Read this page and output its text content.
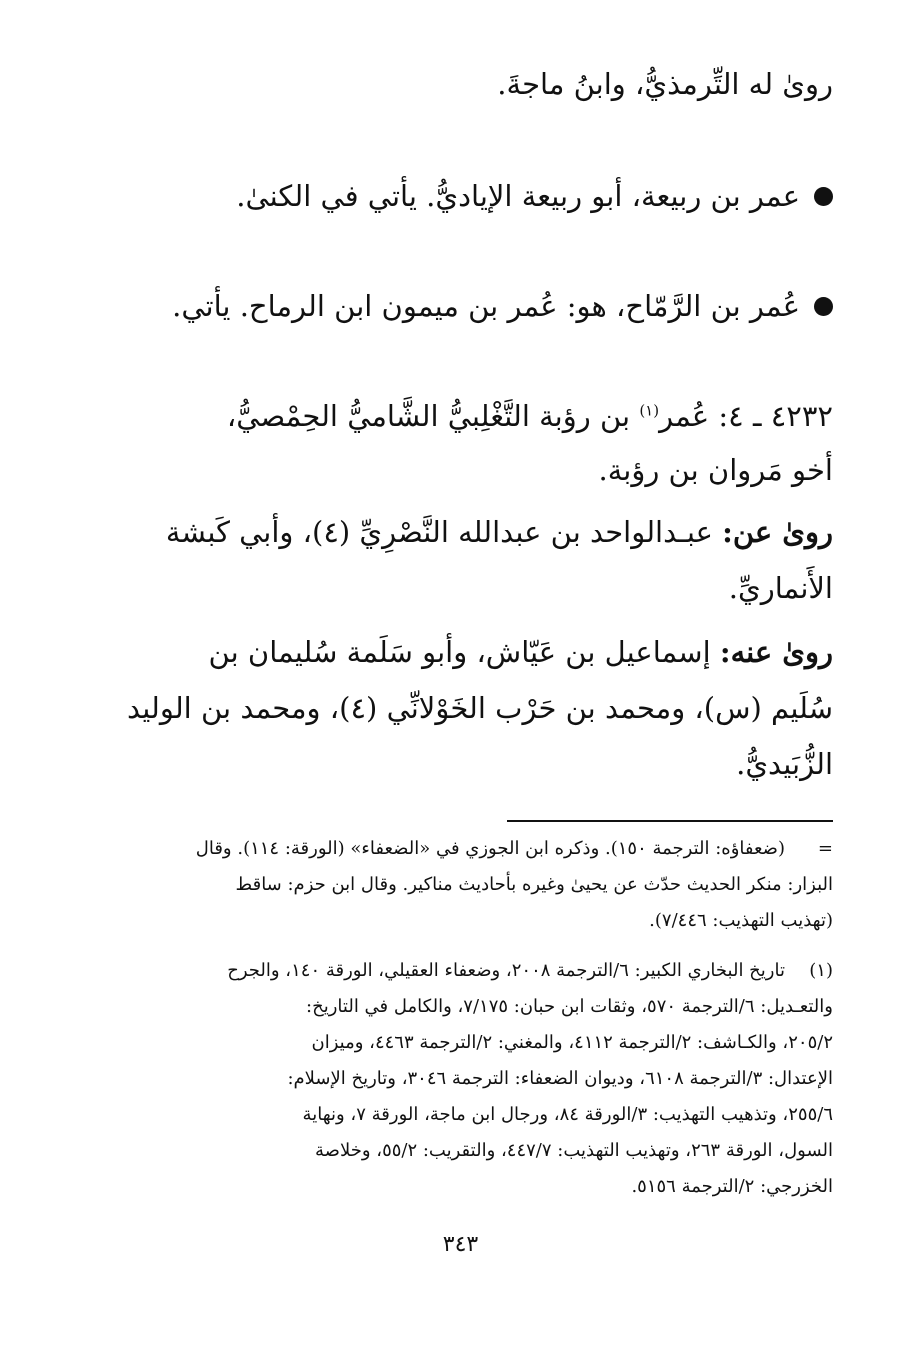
رویٰ له التِّرمذيُّ، وابنُ ماجةَ.
عمر بن ربيعة، أبو ربيعة الإياديُّ. يأتي في الكنیٰ.
عُمر بن الرَّمّاح، هو: عُمر بن ميمون ابن الرماح. يأتي.
٤٢٣٢ ـ ٤: عُمر$^{(١)}$ بن رؤبة التَّغْلِبيُّ الشَّاميُّ الحِمْصيُّ،
أخو مَروان بن رؤبة.
روىٰ عن: عبـدالواحد بن عبدالله النَّصْرِيِّ (٤)، وأبي كَبشة
الأَنماريِّ.
روىٰ عنه: إسماعيل بن عَيّاش، وأبو سَلَمة سُليمان بن
سُلَيم (س)، ومحمد بن حَرْب الخَوْلانِّي (٤)، ومحمد بن الوليد
الزُّبَيديُّ.
=
(ضعفاؤه: الترجمة ١٥٠). وذكره ابن الجوزي في «الضعفاء» (الورقة: ١١٤). وقال
البزار: منكر الحديث حدّث عن يحيىٰ وغيره بأحاديث مناكير. وقال ابن حزم: ساقط
(تهذيب التهذيب: ٧/٤٤٦).
(١)
تاريخ البخاري الكبير: ٦/الترجمة ٢٠٠٨، وضعفاء العقيلي، الورقة ١٤٠، والجرح
والتعـديل: ٦/الترجمة ٥٧٠، وثقات ابن حبان: ٧/١٧٥، والكامل في التاريخ:
٢٠٥/٢، والكـاشف: ٢/الترجمة ٤١١٢، والمغني: ٢/الترجمة ٤٤٦٣، وميزان
الإعتدال: ٣/الترجمة ٦١٠٨، وديوان الضعفاء: الترجمة ٣٠٤٦، وتاريخ الإسلام:
٢٥٥/٦، وتذهيب التهذيب: ٣/الورقة ٨٤، ورجال ابن ماجة، الورقة ٧، ونهاية
السول، الورقة ٢٦٣، وتهذيب التهذيب: ٤٤٧/٧، والتقريب: ٥٥/٢، وخلاصة
الخزرجي: ٢/الترجمة ٥١٥٦.
٣٤٣
